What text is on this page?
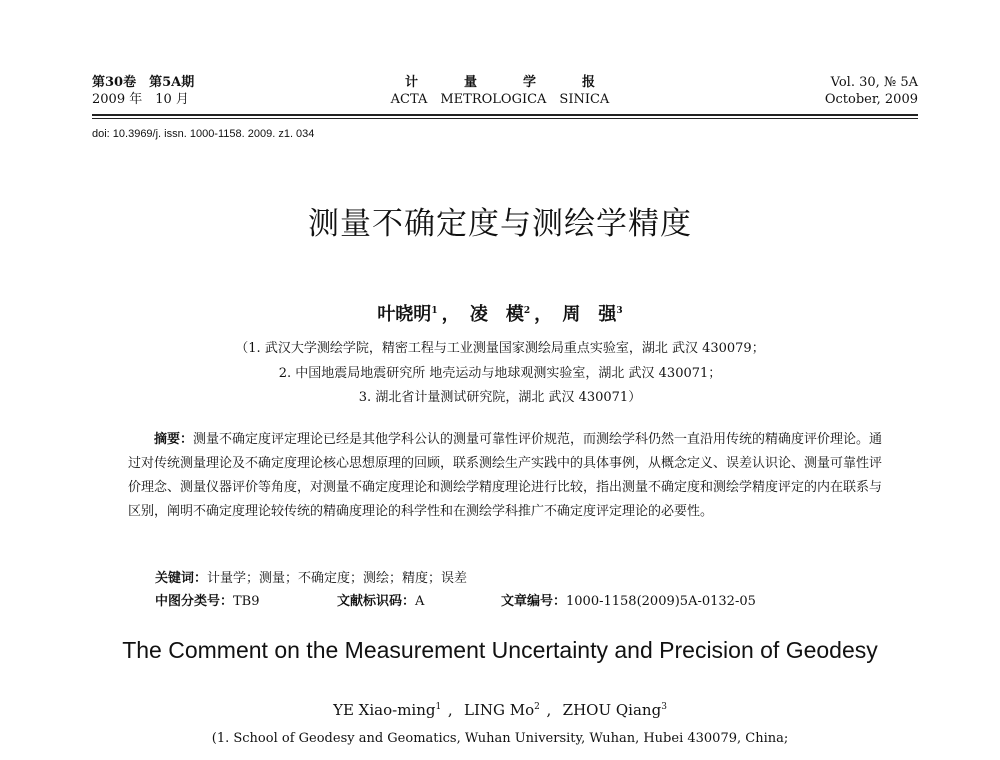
第30卷　第5A期
2009 年　10 月
计量学报
ACTA　METROLOGICA　SINICA
Vol. 30, № 5A
October, 2009
doi: 10.3969/j. issn. 1000-1158. 2009. z1. 034
测量不确定度与测绘学精度
叶晓明$^1$ ， 凌　模$^2$ ， 周　强$^3$
（1. 武汉大学测绘学院，精密工程与工业测量国家测绘局重点实验室，湖北 武汉 430079；
2. 中国地震局地震研究所 地壳运动与地球观测实验室，湖北 武汉 430071；
3. 湖北省计量测试研究院，湖北 武汉 430071）

摘要：测量不确定度评定理论已经是其他学科公认的测量可靠性评价规范，而测绘学科仍然一直沿用传统的精确度评价理论。通过对传统测量理论及不确定度理论核心思想原理的回顾，联系测绘生产实践中的具体事例，从概念定义、误差认识论、测量可靠性评价理念、测量仪器评价等角度，对测量不确定度理论和测绘学精度理论进行比较，指出测量不确定度和测绘学精度评定的内在联系与区别，阐明不确定度理论较传统的精确度理论的科学性和在测绘学科推广不确定度评定理论的必要性。

关键词：计量学；测量；不确定度；测绘；精度；误差
中图分类号：TB9	文献标识码：A	文章编号：1000-1158(2009)5A-0132-05
The Comment on the Measurement Uncertainty and Precision of Geodesy
YE Xiao-ming$^1$ , LING Mo$^2$ , ZHOU Qiang$^3$
(1. School of Geodesy and Geomatics, Wuhan University, Wuhan, Hubei 430079, China;
